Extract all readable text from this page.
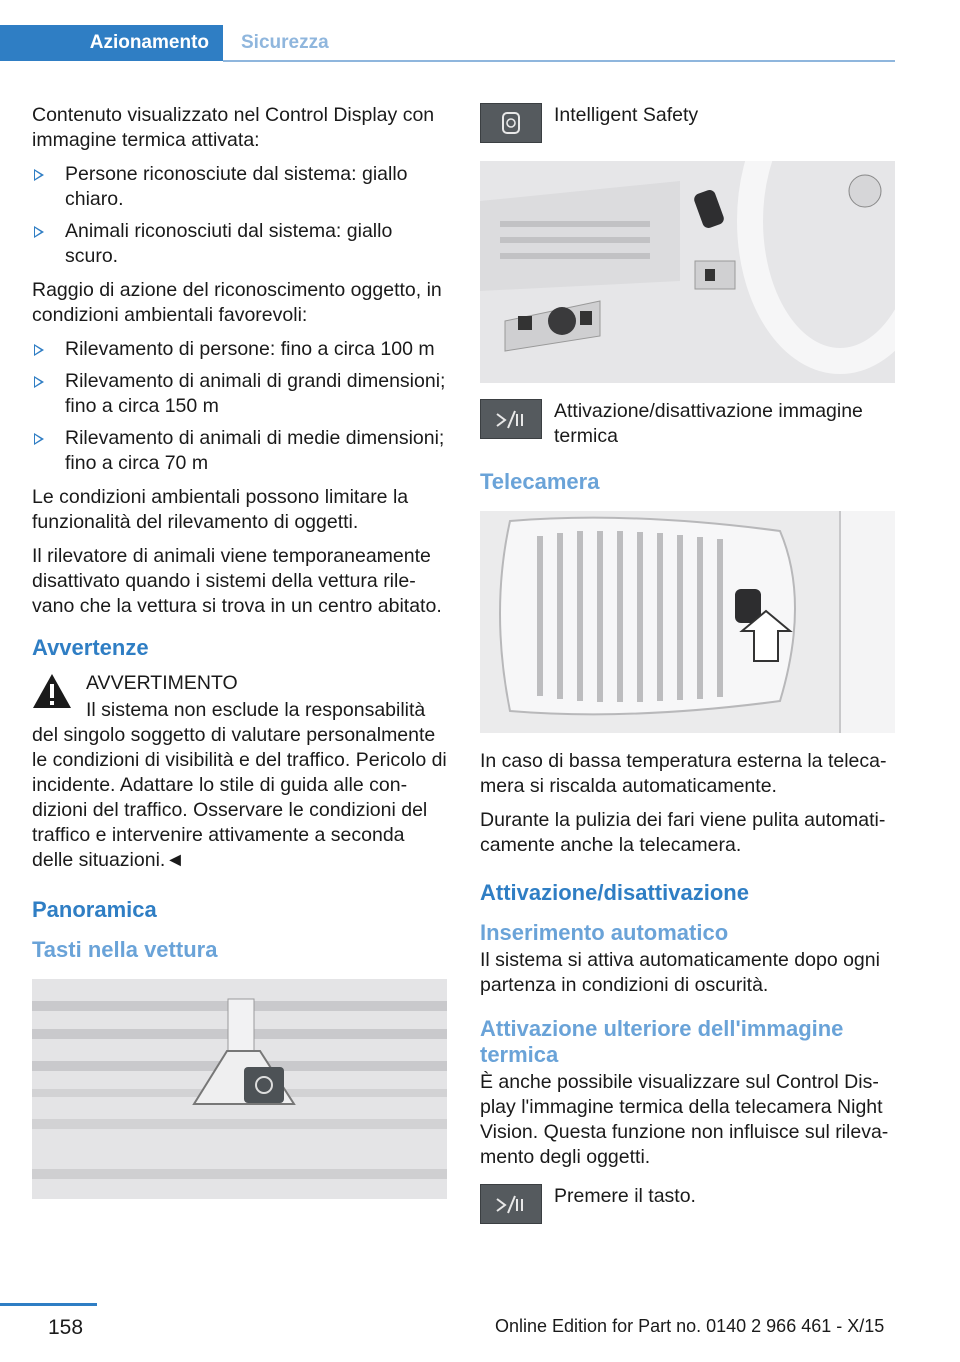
Azionamento	Sicurezza

Contenuto visualizzato nel Control Display con immagine termica attivata:

Persone riconosciute dal sistema: giallo chiaro.
Animali riconosciuti dal sistema: giallo scuro.

Raggio di azione del riconoscimento oggetto, in condizioni ambientali favorevoli:

Rilevamento di persone: fino a circa 100 m
Rilevamento di animali di grandi dimensioni; fino a circa 150 m
Rilevamento di animali di medie dimensioni; fino a circa 70 m

Le condizioni ambientali possono limitare la funzionalità del rilevamento di oggetti.

Il rilevatore di animali viene temporaneamente disattivato quando i sistemi della vettura rilevano che la vettura si trova in un centro abitato.

Avvertenze
AVVERTIMENTO

Il sistema non esclude la responsabilità del singolo soggetto di valutare personalmente le condizioni di visibilità e del traffico. Pericolo di incidente. Adattare lo stile di guida alle condizioni del traffico. Osservare le condizioni del traffico e intervenire attivamente a seconda delle situazioni.◄

Panoramica
Tasti nella vettura
Intelligent Safety
Attivazione/disattivazione immagine termica
Telecamera

In caso di bassa temperatura esterna la telecamera si riscalda automaticamente.

Durante la pulizia dei fari viene pulita automaticamente anche la telecamera.

Attivazione/disattivazione
Inserimento automatico

Il sistema si attiva automaticamente dopo ogni partenza in condizioni di oscurità.

Attivazione ulteriore dell'immagine termica

È anche possibile visualizzare sul Control Display l'immagine termica della telecamera Night Vision. Questa funzione non influisce sul rilevamento degli oggetti.

Premere il tasto.
158	Online Edition for Part no. 0140 2 966 461 - X/15
